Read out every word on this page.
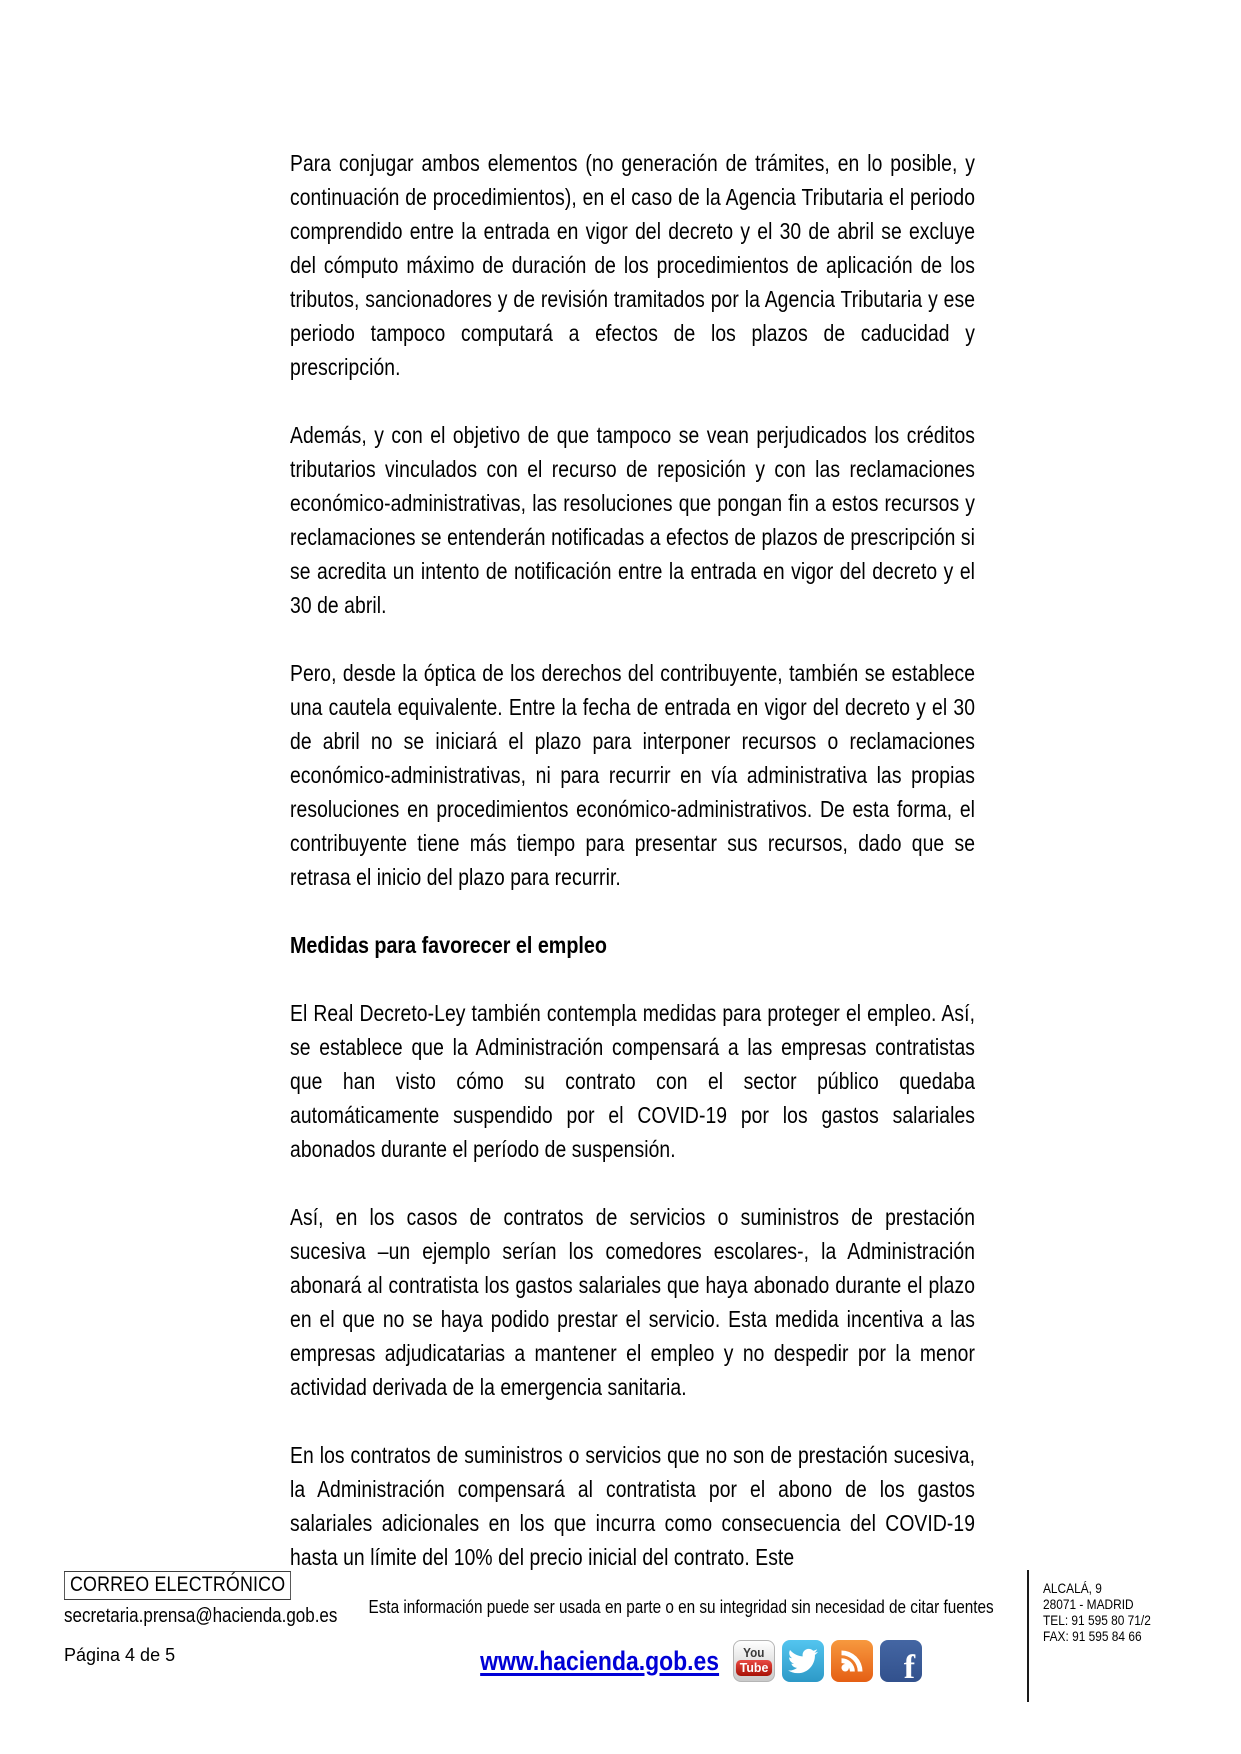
Para conjugar ambos elementos (no generación de trámites, en lo posible, y continuación de procedimientos), en el caso de la Agencia Tributaria el periodo comprendido entre la entrada en vigor del decreto y el 30 de abril se excluye del cómputo máximo de duración de los procedimientos de aplicación de los tributos, sancionadores y de revisión tramitados por la Agencia Tributaria y ese periodo tampoco computará a efectos de los plazos de caducidad y prescripción.

Además, y con el objetivo de que tampoco se vean perjudicados los créditos tributarios vinculados con el recurso de reposición y con las reclamaciones económico-administrativas, las resoluciones que pongan fin a estos recursos y reclamaciones se entenderán notificadas a efectos de plazos de prescripción si se acredita un intento de notificación entre la entrada en vigor del decreto y el 30 de abril.

Pero, desde la óptica de los derechos del contribuyente, también se establece una cautela equivalente. Entre la fecha de entrada en vigor del decreto y el 30 de abril no se iniciará el plazo para interponer recursos o reclamaciones económico-administrativas, ni para recurrir en vía administrativa las propias resoluciones en procedimientos económico-administrativos. De esta forma, el contribuyente tiene más tiempo para presentar sus recursos, dado que se retrasa el inicio del plazo para recurrir.

Medidas para favorecer el empleo

El Real Decreto-Ley también contempla medidas para proteger el empleo. Así, se establece que la Administración compensará a las empresas contratistas que han visto cómo su contrato con el sector público quedaba automáticamente suspendido por el COVID-19 por los gastos salariales abonados durante el período de suspensión.

Así, en los casos de contratos de servicios o suministros de prestación sucesiva –un ejemplo serían los comedores escolares-, la Administración abonará al contratista los gastos salariales que haya abonado durante el plazo en el que no se haya podido prestar el servicio. Esta medida incentiva a las empresas adjudicatarias a mantener el empleo y no despedir por la menor actividad derivada de la emergencia sanitaria.

En los contratos de suministros o servicios que no son de prestación sucesiva, la Administración compensará al contratista por el abono de los gastos salariales adicionales en los que incurra como consecuencia del COVID-19 hasta un límite del 10% del precio inicial del contrato. Este

CORREO ELECTRÓNICO
secretaria.prensa@hacienda.gob.es
Página 4 de 5
Esta información puede ser usada en parte o en su integridad sin necesidad de citar fuentes
www.hacienda.gob.es You
Tube	f
ALCALÁ, 9
28071 - MADRID
TEL: 91 595 80 71/2
FAX: 91 595 84 66
